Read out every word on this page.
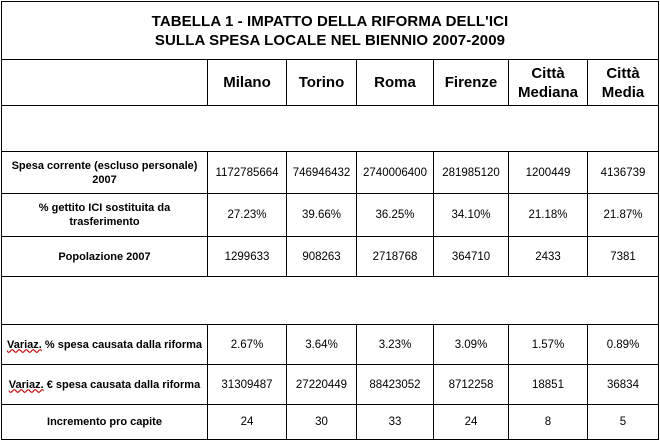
TABELLA 1 - IMPATTO DELLA RIFORMA DELL'ICI
SULLA SPESA LOCALE NEL BIENNIO 2007-2009						

	Milano	Torino	Roma	Firenze	Città Mediana	Città Media

Spesa corrente (escluso personale) 2007	1172785664	746946432	2740006400	281985120	1200449	4136739
% gettito ICI sostituita da trasferimento	27.23%	39.66%	36.25%	34.10%	21.18%	21.87%
Popolazione 2007	1299633	908263	2718768	364710	2433	7381

Variaz. % spesa causata dalla riforma	2.67%	3.64%	3.23%	3.09%	1.57%	0.89%
Variaz. € spesa causata dalla riforma	31309487	27220449	88423052	8712258	18851	36834
Incremento pro capite	24	30	33	24	8	5
